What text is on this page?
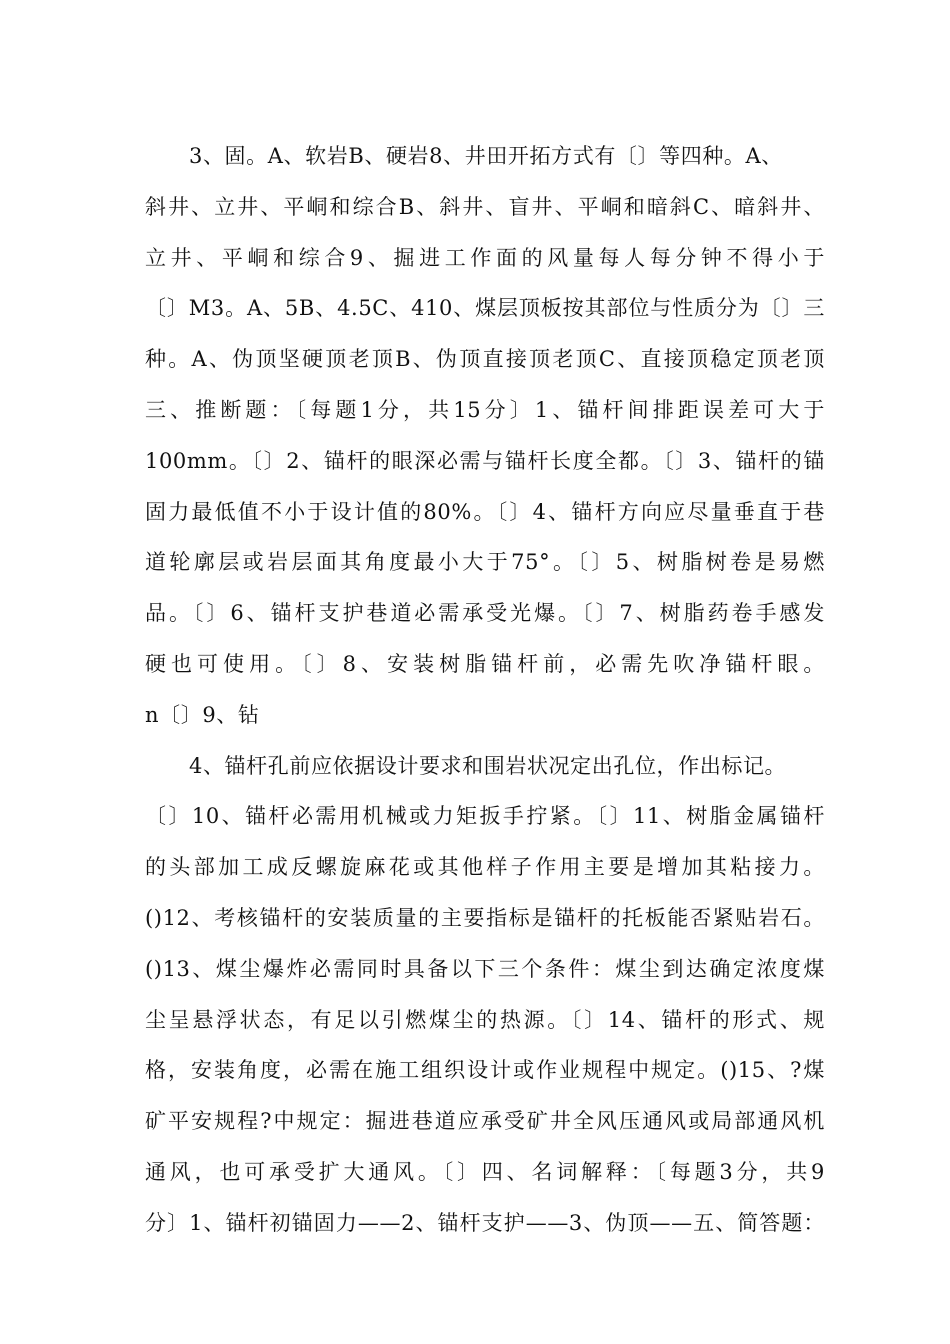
3、固。A、软岩B、硬岩8、井田开拓方式有〔〕等四种。A、
斜井、立井、平峒和综合B、斜井、盲井、平峒和暗斜C、暗斜井、
立井、平峒和综合9、掘进工作面的风量每人每分钟不得小于
〔〕M3。A、5B、4.5C、410、煤层顶板按其部位与性质分为〔〕三
种。A、伪顶坚硬顶老顶B、伪顶直接顶老顶C、直接顶稳定顶老顶
三、推断题：〔每题1分，共15分〕1、锚杆间排距误差可大于
100mm。〔〕2、锚杆的眼深必需与锚杆长度全都。〔〕3、锚杆的锚
固力最低值不小于设计值的80%。〔〕4、锚杆方向应尽量垂直于巷
道轮廓层或岩层面其角度最小大于75°。〔〕5、树脂树卷是易燃
品。〔〕6、锚杆支护巷道必需承受光爆。〔〕7、树脂药卷手感发
硬也可使用。〔〕8、安装树脂锚杆前，必需先吹净锚杆眼。
n〔〕9、钻
4、锚杆孔前应依据设计要求和围岩状况定出孔位，作出标记。
〔〕10、锚杆必需用机械或力矩扳手拧紧。〔〕11、树脂金属锚杆
的头部加工成反螺旋麻花或其他样子作用主要是增加其粘接力。
()12、考核锚杆的安装质量的主要指标是锚杆的托板能否紧贴岩石。
()13、煤尘爆炸必需同时具备以下三个条件：煤尘到达确定浓度煤
尘呈悬浮状态，有足以引燃煤尘的热源。〔〕14、锚杆的形式、规
格，安装角度，必需在施工组织设计或作业规程中规定。()15、?煤
矿平安规程?中规定：掘进巷道应承受矿井全风压通风或局部通风机
通风，也可承受扩大通风。〔〕四、名词解释：〔每题3分，共9
分〕1、锚杆初锚固力——2、锚杆支护——3、伪顶——五、简答题：
